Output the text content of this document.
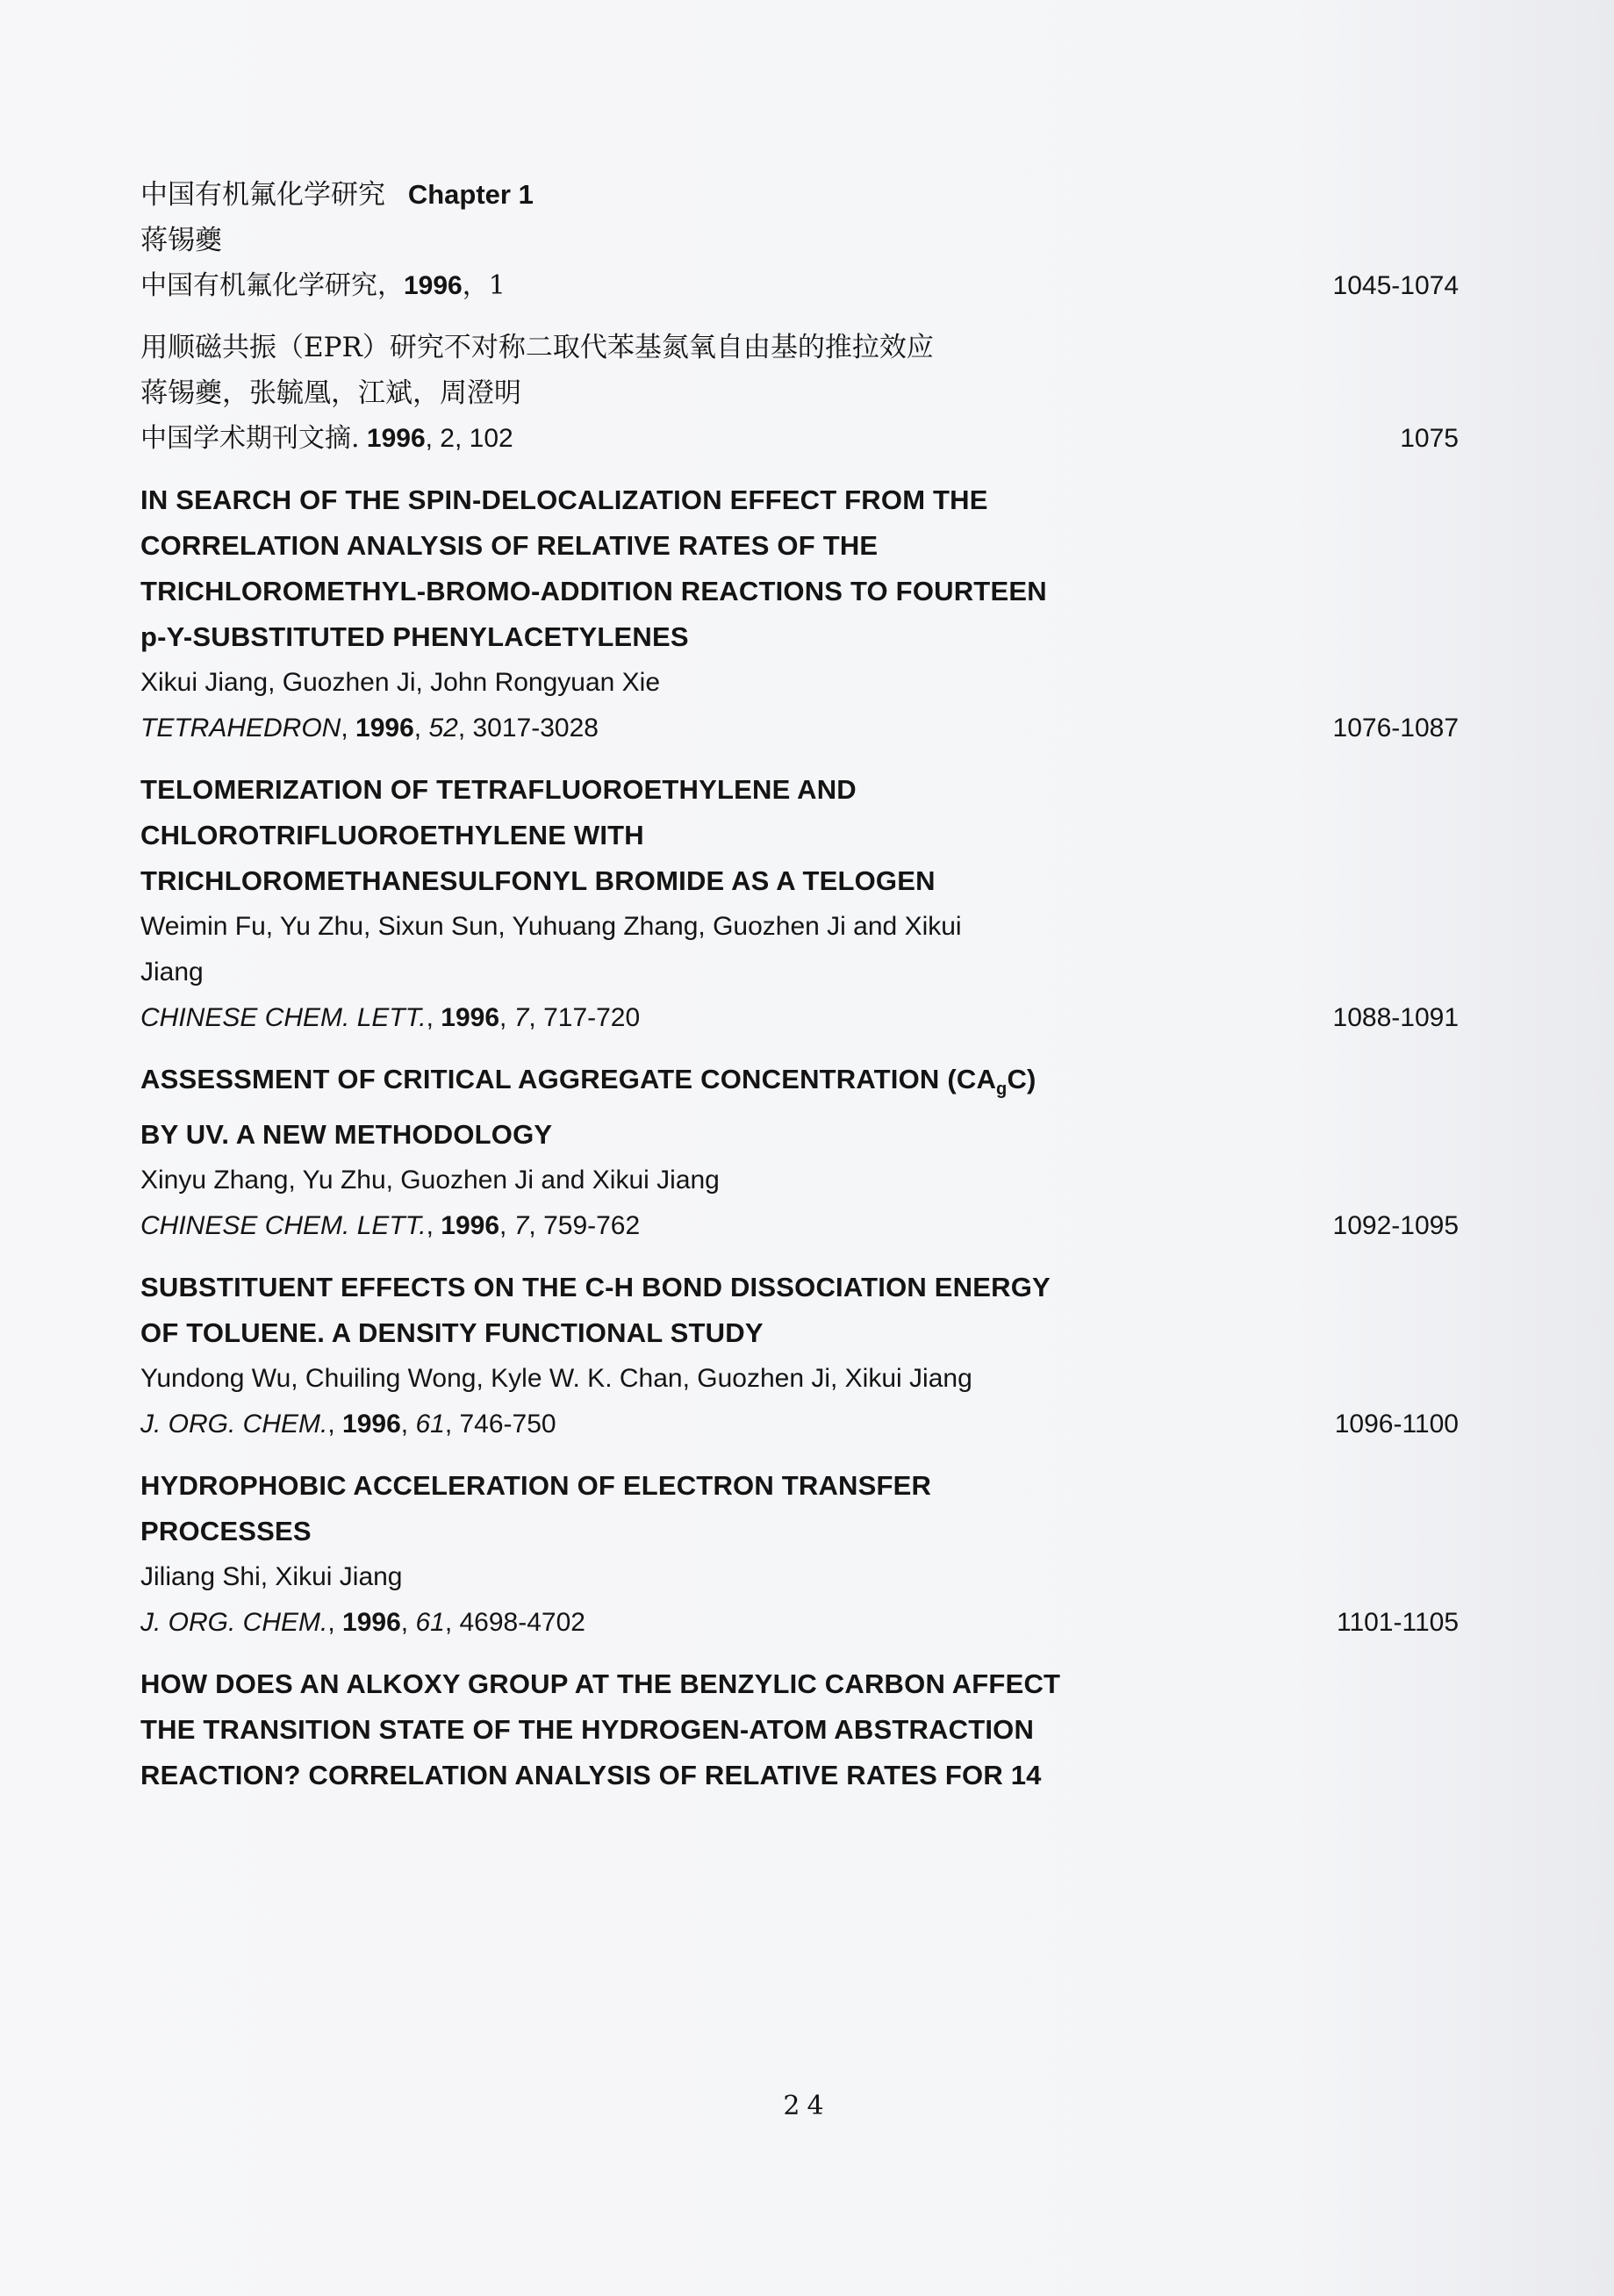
中国有机氟化学研究 Chapter 1
蒋锡夔
中国有机氟化学研究，1996，1	1045-1074
用顺磁共振（EPR）研究不对称二取代苯基氮氧自由基的推拉效应
蒋锡夔，张毓凰，江斌，周澄明
中国学术期刊文摘. 1996, 2, 102	1075
IN SEARCH OF THE SPIN-DELOCALIZATION EFFECT FROM THE
CORRELATION ANALYSIS OF RELATIVE RATES OF THE
TRICHLOROMETHYL-BROMO-ADDITION REACTIONS TO FOURTEEN
p-Y-SUBSTITUTED PHENYLACETYLENES
Xikui Jiang, Guozhen Ji, John Rongyuan Xie
TETRAHEDRON, 1996, 52, 3017-3028	1076-1087
TELOMERIZATION OF TETRAFLUOROETHYLENE AND
CHLOROTRIFLUOROETHYLENE WITH
TRICHLOROMETHANESULFONYL BROMIDE AS A TELOGEN
Weimin Fu, Yu Zhu, Sixun Sun, Yuhuang Zhang, Guozhen Ji and Xikui
Jiang
CHINESE CHEM. LETT., 1996, 7, 717-720	1088-1091
ASSESSMENT OF CRITICAL AGGREGATE CONCENTRATION $(CA_gC)$
BY UV. A NEW METHODOLOGY
Xinyu Zhang, Yu Zhu, Guozhen Ji and Xikui Jiang
CHINESE CHEM. LETT., 1996, 7, 759-762	1092-1095
SUBSTITUENT EFFECTS ON THE C-H BOND DISSOCIATION ENERGY
OF TOLUENE. A DENSITY FUNCTIONAL STUDY
Yundong Wu, Chuiling Wong, Kyle W. K. Chan, Guozhen Ji, Xikui Jiang
J. ORG. CHEM., 1996, 61, 746-750	1096-1100
HYDROPHOBIC ACCELERATION OF ELECTRON TRANSFER
PROCESSES
Jiliang Shi, Xikui Jiang
J. ORG. CHEM., 1996, 61, 4698-4702	1101-1105
HOW DOES AN ALKOXY GROUP AT THE BENZYLIC CARBON AFFECT
THE TRANSITION STATE OF THE HYDROGEN-ATOM ABSTRACTION
REACTION? CORRELATION ANALYSIS OF RELATIVE RATES FOR 14
24
